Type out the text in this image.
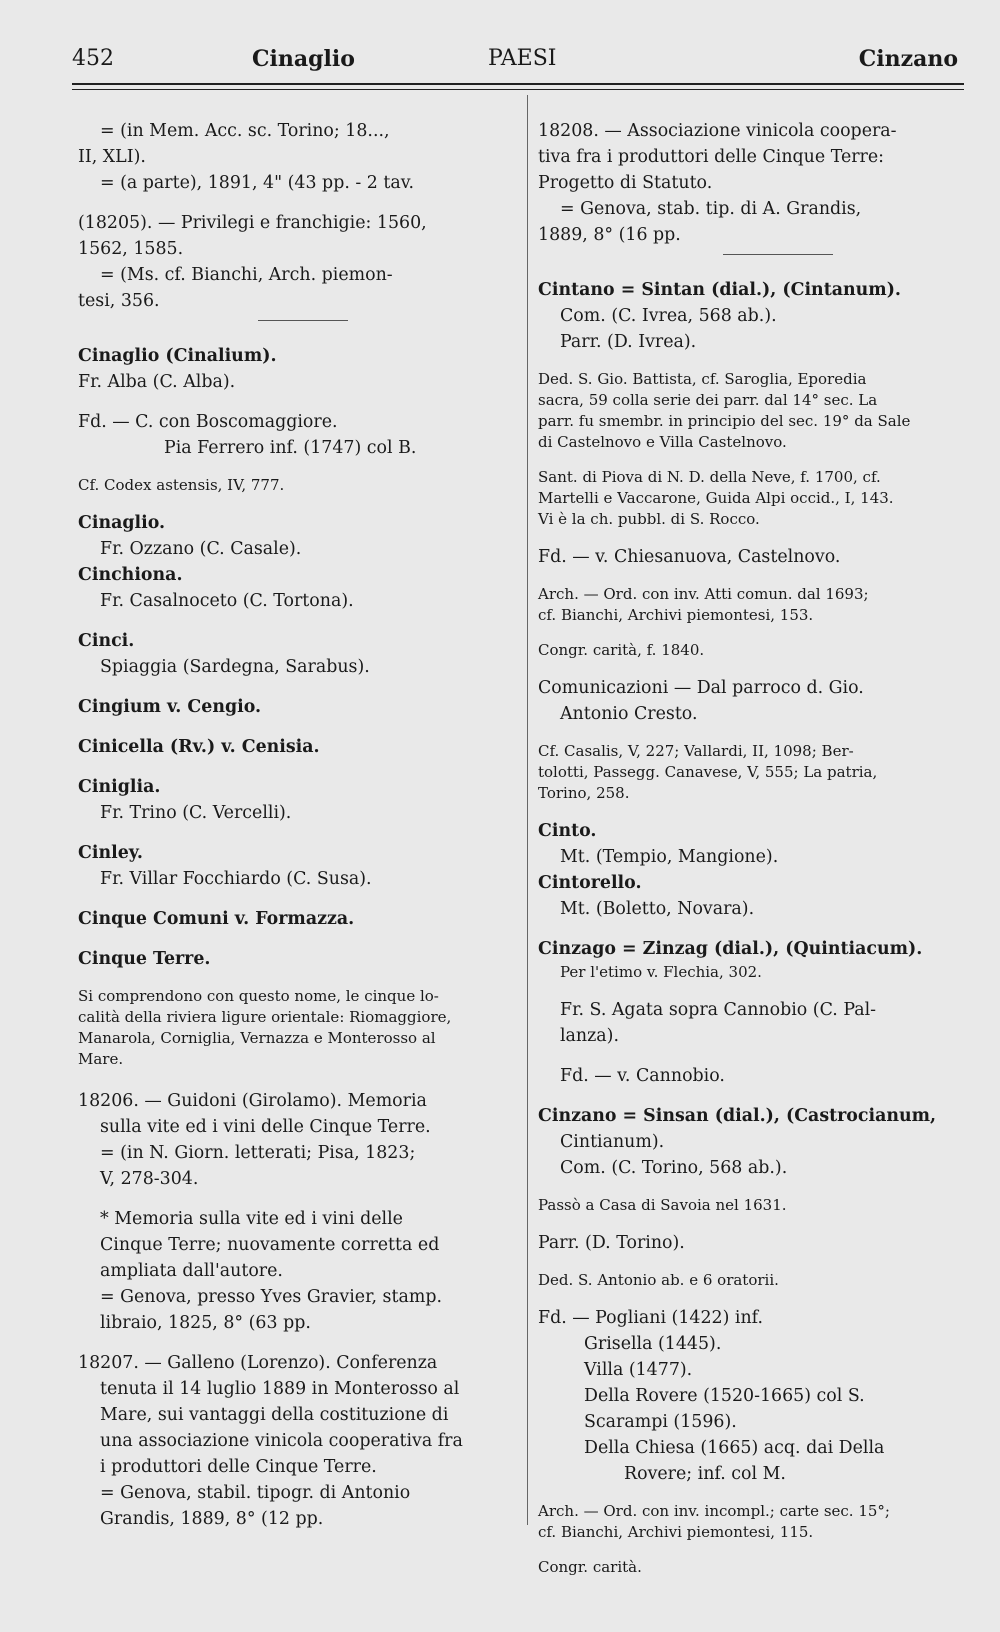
452	Cinaglio	PAESI	Cinzano
= (in Mem. Acc. sc. Torino; 18...,
II, XLI).
= (a parte), 1891, 4" (43 pp. - 2 tav.
(18205). — Privilegi e franchigie: 1560,
1562, 1585.
= (Ms. cf. Bianchi, Arch. piemon-
tesi, 356.
Cinaglio (Cinalium).
Fr. Alba (C. Alba).
Fd. — C. con Boscomaggiore.
Pia Ferrero inf. (1747) col B.
Cf. Codex astensis, IV, 777.
Cinaglio.
Fr. Ozzano (C. Casale).
Cinchiona.
Fr. Casalnoceto (C. Tortona).
Cinci.
Spiaggia (Sardegna, Sarabus).
Cingium v. Cengio.
Cinicella (Rv.) v. Cenisia.
Ciniglia.
Fr. Trino (C. Vercelli).
Cinley.
Fr. Villar Focchiardo (C. Susa).
Cinque Comuni v. Formazza.
Cinque Terre.
Si comprendono con questo nome, le cinque lo-
calità della riviera ligure orientale: Riomaggiore,
Manarola, Corniglia, Vernazza e Monterosso al
Mare.
18206. — Guidoni (Girolamo). Memoria
sulla vite ed i vini delle Cinque Terre.
= (in N. Giorn. letterati; Pisa, 1823;
V, 278-304.
* Memoria sulla vite ed i vini delle
Cinque Terre; nuovamente corretta ed
ampliata dall'autore.
= Genova, presso Yves Gravier, stamp.
libraio, 1825, 8° (63 pp.
18207. — Galleno (Lorenzo). Conferenza
tenuta il 14 luglio 1889 in Monterosso al
Mare, sui vantaggi della costituzione di
una associazione vinicola cooperativa fra
i produttori delle Cinque Terre.
= Genova, stabil. tipogr. di Antonio
Grandis, 1889, 8° (12 pp.
18208. — Associazione vinicola coopera-
tiva fra i produttori delle Cinque Terre:
Progetto di Statuto.
= Genova, stab. tip. di A. Grandis,
1889, 8° (16 pp.
Cintano = Sintan (dial.), (Cintanum).
Com. (C. Ivrea, 568 ab.).
Parr. (D. Ivrea).
Ded. S. Gio. Battista, cf. Saroglia, Eporedia
sacra, 59 colla serie dei parr. dal 14° sec. La
parr. fu smembr. in principio del sec. 19° da Sale
di Castelnovo e Villa Castelnovo.
Sant. di Piova di N. D. della Neve, f. 1700, cf.
Martelli e Vaccarone, Guida Alpi occid., I, 143.
Vi è la ch. pubbl. di S. Rocco.
Fd. — v. Chiesanuova, Castelnovo.
Arch. — Ord. con inv. Atti comun. dal 1693;
cf. Bianchi, Archivi piemontesi, 153.
Congr. carità, f. 1840.
Comunicazioni — Dal parroco d. Gio.
Antonio Cresto.
Cf. Casalis, V, 227; Vallardi, II, 1098; Ber-
tolotti, Passegg. Canavese, V, 555; La patria,
Torino, 258.
Cinto.
Mt. (Tempio, Mangione).
Cintorello.
Mt. (Boletto, Novara).
Cinzago = Zinzag (dial.), (Quintiacum).
Per l'etimo v. Flechia, 302.
Fr. S. Agata sopra Cannobio (C. Pal-
lanza).
Fd. — v. Cannobio.
Cinzano = Sinsan (dial.), (Castrocianum,
Cintianum).
Com. (C. Torino, 568 ab.).
Passò a Casa di Savoia nel 1631.
Parr. (D. Torino).
Ded. S. Antonio ab. e 6 oratorii.
Fd. — Pogliani (1422) inf.
Grisella (1445).
Villa (1477).
Della Rovere (1520-1665) col S.
Scarampi (1596).
Della Chiesa (1665) acq. dai Della
Rovere; inf. col M.
Arch. — Ord. con inv. incompl.; carte sec. 15°;
cf. Bianchi, Archivi piemontesi, 115.
Congr. carità.
